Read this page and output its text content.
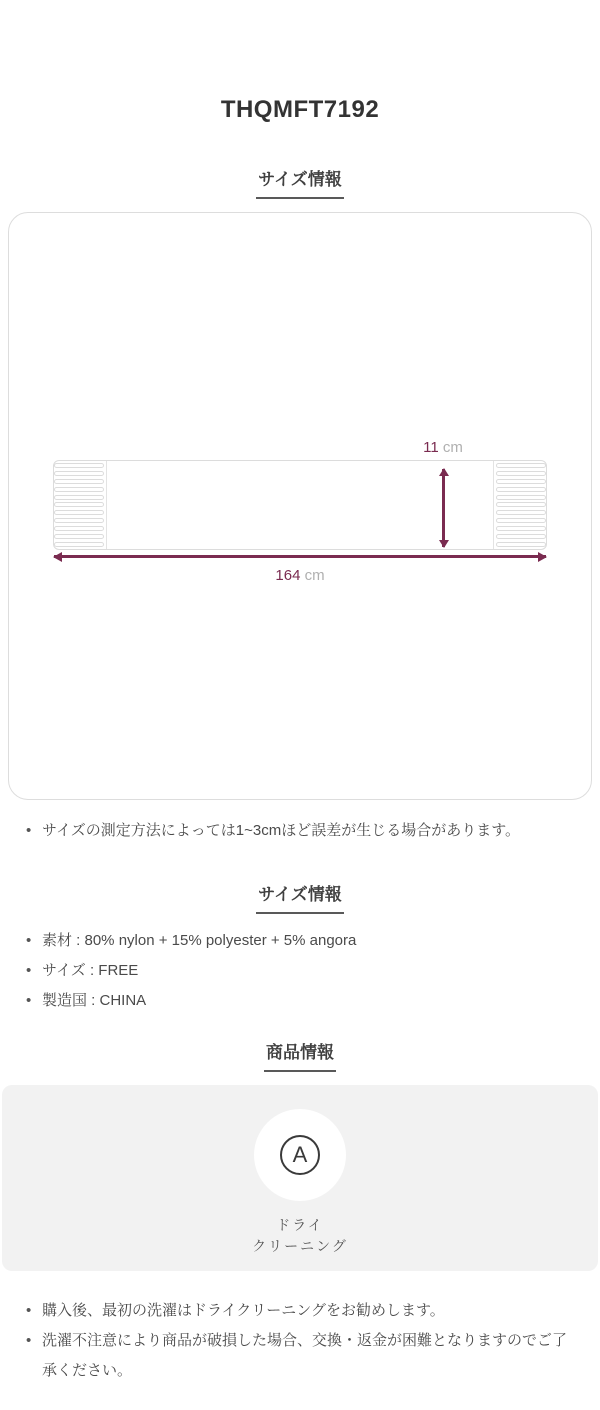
THQMFT7192
サイズ情報
11 cm
164 cm
• サイズの測定方法によっては1~3cmほど誤差が生じる場合があります。
サイズ情報
• 素材 : 80% nylon + 15% polyester + 5% angora
• サイズ : FREE
• 製造国 : CHINA
商品情報
A
ドライ
クリーニング
• 購入後、最初の洗濯はドライクリーニングをお勧めします。
• 洗濯不注意により商品が破損した場合、交換・返金が困難となりますのでご了承ください。
